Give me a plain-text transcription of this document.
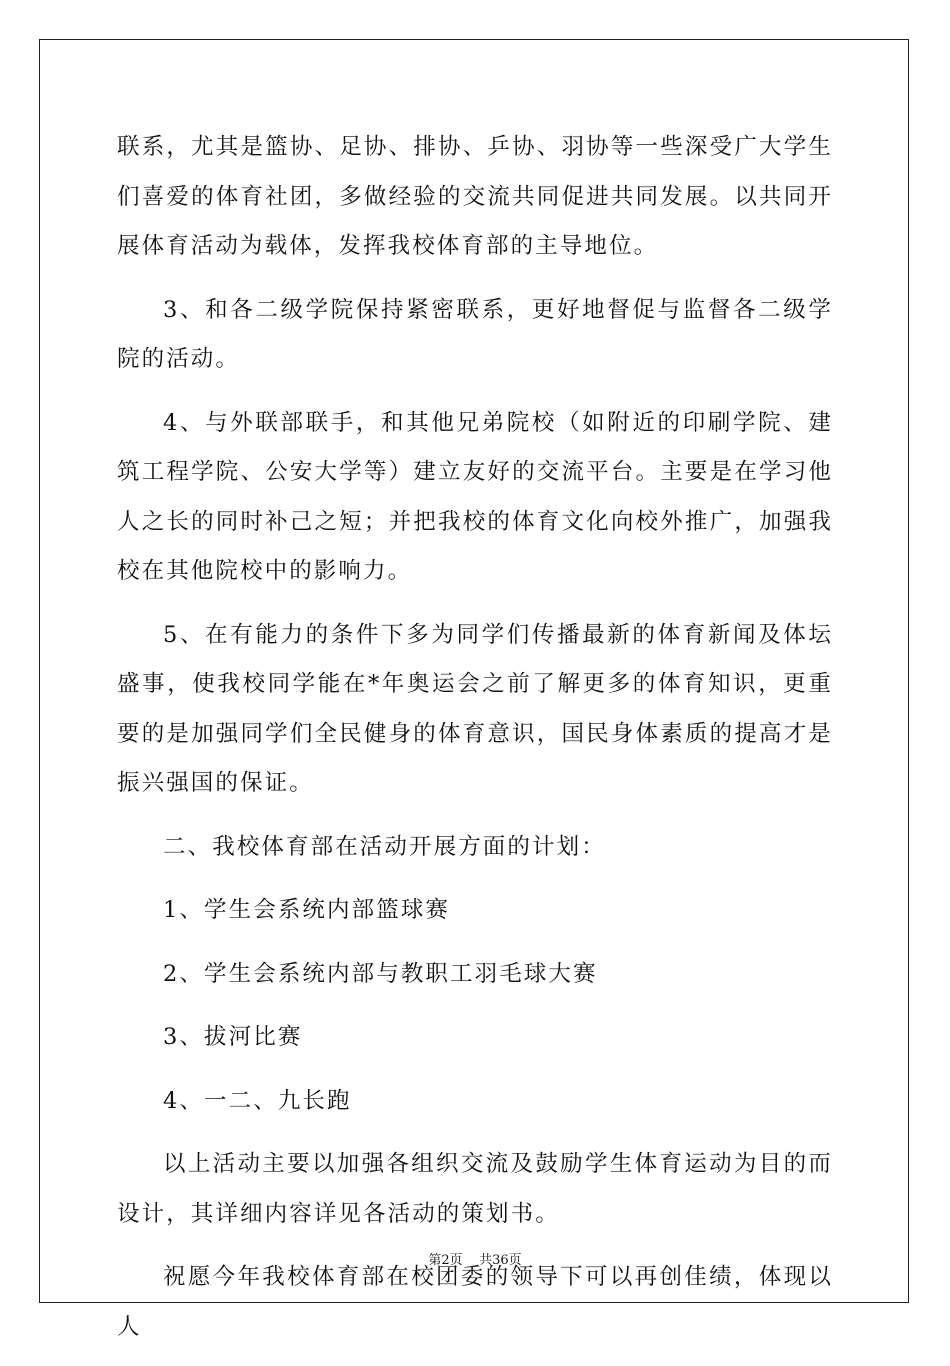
联系，尤其是篮协、足协、排协、乒协、羽协等一些深受广大学生们喜爱的体育社团，多做经验的交流共同促进共同发展。以共同开展体育活动为载体，发挥我校体育部的主导地位。

3、和各二级学院保持紧密联系，更好地督促与监督各二级学院的活动。

4、与外联部联手，和其他兄弟院校（如附近的印刷学院、建筑工程学院、公安大学等）建立友好的交流平台。主要是在学习他人之长的同时补己之短；并把我校的体育文化向校外推广，加强我校在其他院校中的影响力。

5、在有能力的条件下多为同学们传播最新的体育新闻及体坛盛事，使我校同学能在*年奥运会之前了解更多的体育知识，更重要的是加强同学们全民健身的体育意识，国民身体素质的提高才是振兴强国的保证。

二、我校体育部在活动开展方面的计划：

1、学生会系统内部篮球赛

2、学生会系统内部与教职工羽毛球大赛

3、拔河比赛

4、一二、九长跑

以上活动主要以加强各组织交流及鼓励学生体育运动为目的而设计，其详细内容详见各活动的策划书。

祝愿今年我校体育部在校团委的领导下可以再创佳绩，体现以人

第2页 共36页
